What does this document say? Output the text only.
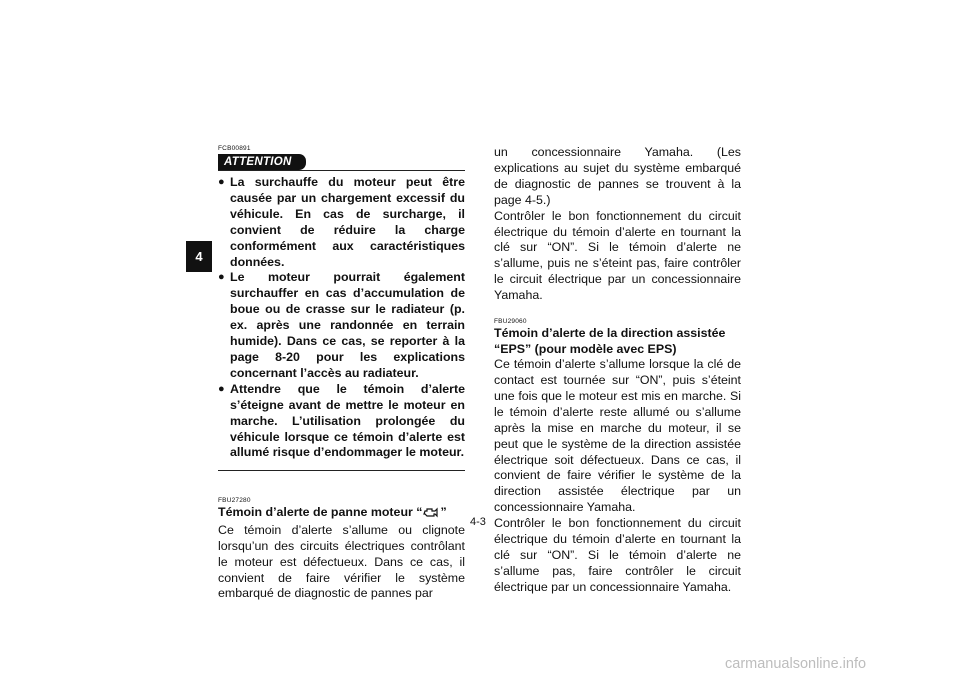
4

FCB00891

ATTENTION
● La surchauffe du moteur peut être causée par un chargement excessif du véhicule. En cas de surcharge, il convient de réduire la charge conformément aux caractéristiques données.
● Le moteur pourrait également surchauffer en cas d’accumulation de boue ou de crasse sur le radiateur (p. ex. après une randonnée en terrain humide). Dans ce cas, se reporter à la page 8-20 pour les explications concernant l’accès au radiateur.
● Attendre que le témoin d’alerte s’éteigne avant de mettre le moteur en marche. L’utilisation prolongée du véhicule lorsque ce témoin d’alerte est allumé risque d’endommager le moteur.

FBU27280

Témoin d’alerte de panne moteur “ ”

Ce témoin d’alerte s’allume ou clignote lorsqu’un des circuits électriques contrôlant le moteur est défectueux. Dans ce cas, il convient de faire vérifier le système embarqué de diagnostic de pannes par

un concessionnaire Yamaha. (Les explications au sujet du système embarqué de diagnostic de pannes se trouvent à la page 4-5.)

Contrôler le bon fonctionnement du circuit électrique du témoin d’alerte en tournant la clé sur “ON”. Si le témoin d’alerte ne s’allume, puis ne s’éteint pas, faire contrôler le circuit électrique par un concessionnaire Yamaha.

FBU29060

Témoin d’alerte de la direction assistée “EPS” (pour modèle avec EPS)

Ce témoin d’alerte s’allume lorsque la clé de contact est tournée sur “ON”, puis s’éteint une fois que le moteur est mis en marche. Si le témoin d’alerte reste allumé ou s’allume après la mise en marche du moteur, il se peut que le système de la direction assistée électrique soit défectueux. Dans ce cas, il convient de faire vérifier le système de la direction assistée électrique par un concessionnaire Yamaha.

Contrôler le bon fonctionnement du circuit électrique du témoin d’alerte en tournant la clé sur “ON”. Si le témoin d’alerte ne s’allume pas, faire contrôler le circuit électrique par un concessionnaire Yamaha.

4-3
carmanualsonline.info
